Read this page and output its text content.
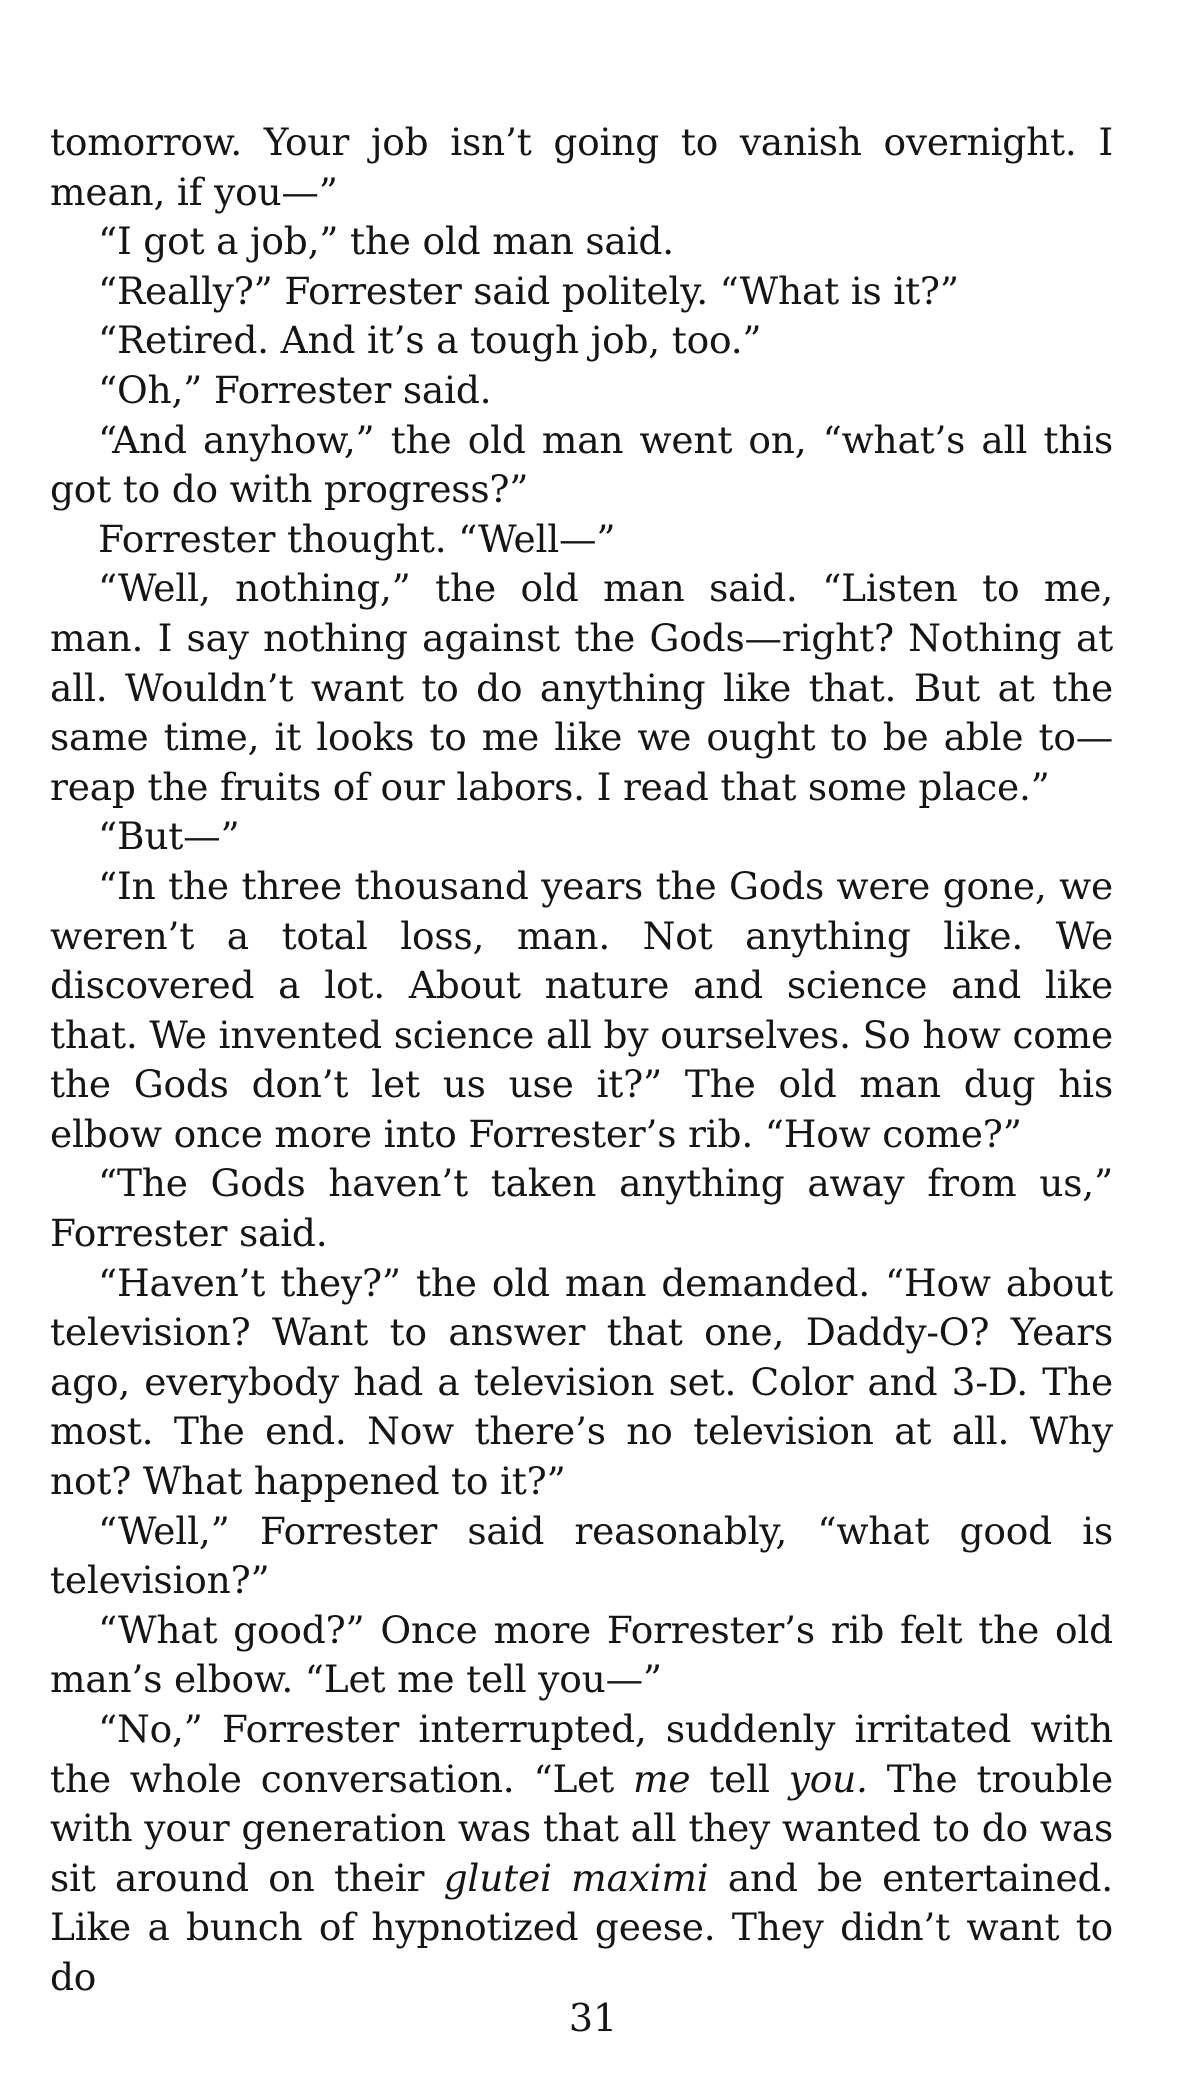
tomorrow. Your job isn’t going to vanish overnight. I mean, if you—”

“I got a job,” the old man said.

“Really?” Forrester said politely. “What is it?”

“Retired. And it’s a tough job, too.”

“Oh,” Forrester said.

“And anyhow,” the old man went on, “what’s all this got to do with progress?”

Forrester thought. “Well—”

“Well, nothing,” the old man said. “Listen to me, man. I say nothing against the Gods—right? Nothing at all. Wouldn’t want to do anything like that. But at the same time, it looks to me like we ought to be able to—reap the fruits of our labors. I read that some place.”

“But—”

“In the three thousand years the Gods were gone, we weren’t a total loss, man. Not anything like. We discovered a lot. About nature and science and like that. We invented science all by ourselves. So how come the Gods don’t let us use it?” The old man dug his elbow once more into Forrester’s rib. “How come?”

“The Gods haven’t taken anything away from us,” Forrester said.

“Haven’t they?” the old man demanded. “How about television? Want to answer that one, Daddy-O? Years ago, everybody had a television set. Color and 3-D. The most. The end. Now there’s no television at all. Why not? What happened to it?”

“Well,” Forrester said reasonably, “what good is television?”

“What good?” Once more Forrester’s rib felt the old man’s elbow. “Let me tell you—”

“No,” Forrester interrupted, suddenly irritated with the whole conversation. “Let me tell you. The trouble with your generation was that all they wanted to do was sit around on their glutei maximi and be entertained. Like a bunch of hypnotized geese. They didn’t want to do

31
